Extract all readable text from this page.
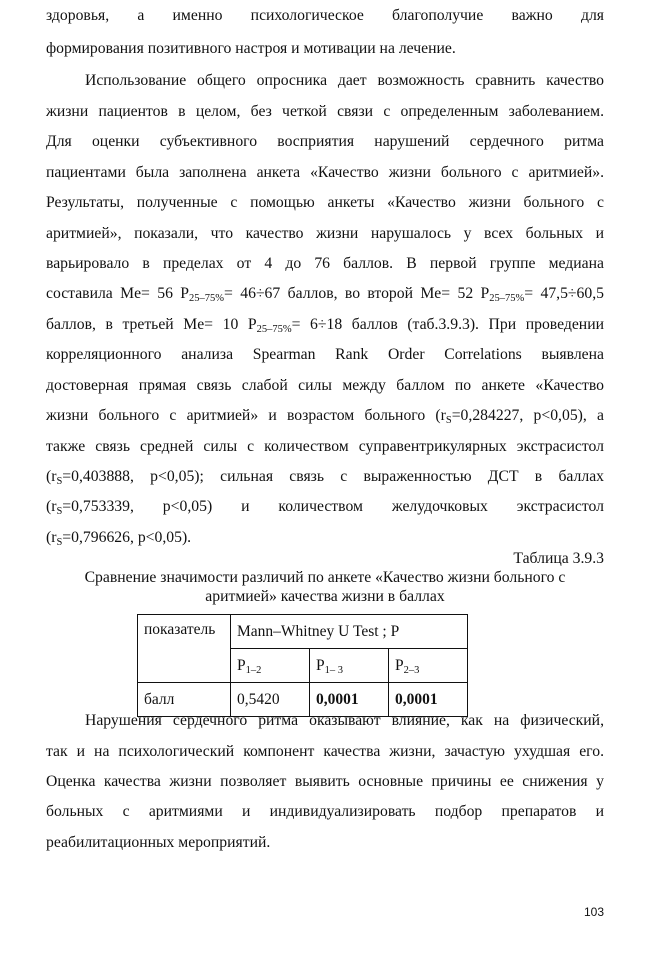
здоровья, а именно психологическое благополучие важно для
формирования позитивного настроя и мотивации на лечение.
Использование общего опросника дает возможность сравнить качество
жизни пациентов в целом, без четкой связи с определенным заболеванием.
Для оценки субъективного восприятия нарушений сердечного ритма
пациентами была заполнена анкета «Качество жизни больного с аритмией».
Результаты, полученные с помощью анкеты «Качество жизни больного с
аритмией», показали, что качество жизни нарушалось у всех больных и
варьировало в пределах от 4 до 76 баллов. В первой группе медиана
составила Me= 56 $P_{25-75\%}= 46\div 67$ баллов, во второй Me= 52 $P_{25-75\%}= 47,5\div 60,5$
баллов, в третьей Me= 10 $P_{25-75\%}= 6\div 18$ баллов (таб.3.9.3). При проведении
корреляционного анализа Spearman Rank Order Correlations выявлена
достоверная прямая связь слабой силы между баллом по анкете «Качество
жизни больного с аритмией» и возрастом больного ($r_S=0,284227$, p<0,05), а
также связь средней силы с количеством суправентрикулярных экстрасистол
($r_S=0,403888$, p<0,05); сильная связь с выраженностью ДСТ в баллах
($r_S=0,753339$, p<0,05) и количеством желудочковых экстрасистол
($r_S=0,796626$, p<0,05).
Таблица 3.9.3
Сравнение значимости различий по анкете «Качество жизни больного с
аритмией» качества жизни в баллах
показатель	Mann–Whitney U Test ; P		
	$P_{1-2}$	$P_{1- 3}$	$P_{2-3}$
балл	0,5420	0,0001	0,0001
Нарушения сердечного ритма оказывают влияние, как на физический,
так и на психологический компонент качества жизни, зачастую ухудшая его.
Оценка качества жизни позволяет выявить основные причины ее снижения у
больных с аритмиями и индивидуализировать подбор препаратов и
реабилитационных мероприятий.
103
